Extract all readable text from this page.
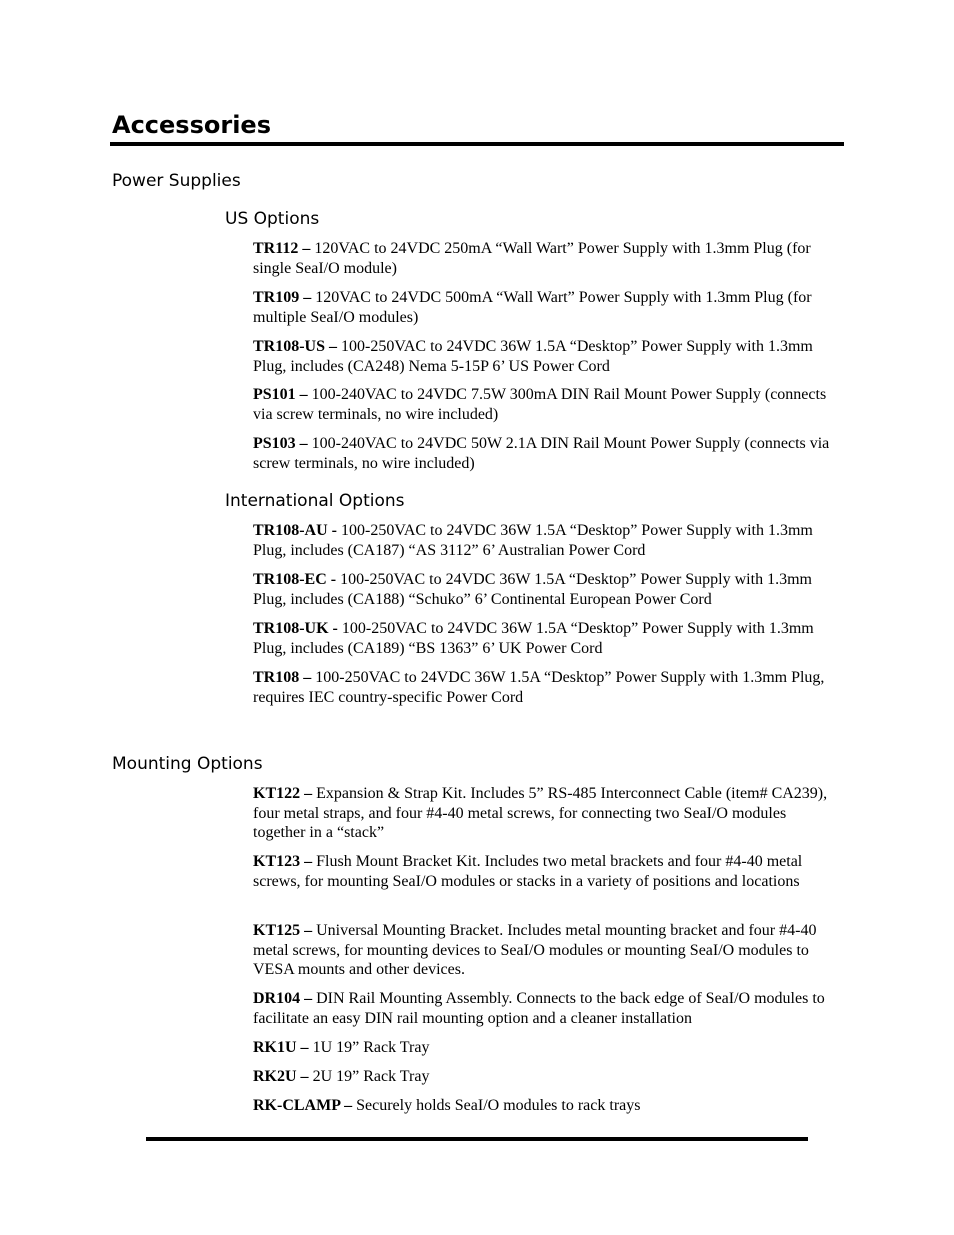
Accessories
Power Supplies
US Options

TR112 – 120VAC to 24VDC 250mA “Wall Wart” Power Supply with 1.3mm Plug (for single SeaI/O module)

TR109 – 120VAC to 24VDC 500mA “Wall Wart” Power Supply with 1.3mm Plug (for multiple SeaI/O modules)

TR108-US – 100-250VAC to 24VDC 36W 1.5A “Desktop” Power Supply with 1.3mm Plug, includes (CA248) Nema 5-15P 6’ US Power Cord

PS101 – 100-240VAC to 24VDC 7.5W 300mA DIN Rail Mount Power Supply (connects via screw terminals, no wire included)

PS103 – 100-240VAC to 24VDC 50W 2.1A DIN Rail Mount Power Supply (connects via screw terminals, no wire included)

International Options

TR108-AU - 100-250VAC to 24VDC 36W 1.5A “Desktop” Power Supply with 1.3mm Plug, includes (CA187) “AS 3112” 6’ Australian Power Cord

TR108-EC - 100-250VAC to 24VDC 36W 1.5A “Desktop” Power Supply with 1.3mm Plug, includes (CA188) “Schuko” 6’ Continental European Power Cord

TR108-UK - 100-250VAC to 24VDC 36W 1.5A “Desktop” Power Supply with 1.3mm Plug, includes (CA189) “BS 1363” 6’ UK Power Cord

TR108 – 100-250VAC to 24VDC 36W 1.5A “Desktop” Power Supply with 1.3mm Plug, requires IEC country-specific Power Cord

Mounting Options

KT122 – Expansion & Strap Kit. Includes 5” RS-485 Interconnect Cable (item# CA239), four metal straps, and four #4-40 metal screws, for connecting two SeaI/O modules together in a “stack”

KT123 – Flush Mount Bracket Kit. Includes two metal brackets and four #4-40 metal screws, for mounting SeaI/O modules or stacks in a variety of positions and locations

KT125 – Universal Mounting Bracket. Includes metal mounting bracket and four #4-40 metal screws, for mounting devices to SeaI/O modules or mounting SeaI/O modules to VESA mounts and other devices.

DR104 – DIN Rail Mounting Assembly. Connects to the back edge of SeaI/O modules to facilitate an easy DIN rail mounting option and a cleaner installation

RK1U – 1U 19” Rack Tray

RK2U – 2U 19” Rack Tray

RK-CLAMP – Securely holds SeaI/O modules to rack trays
